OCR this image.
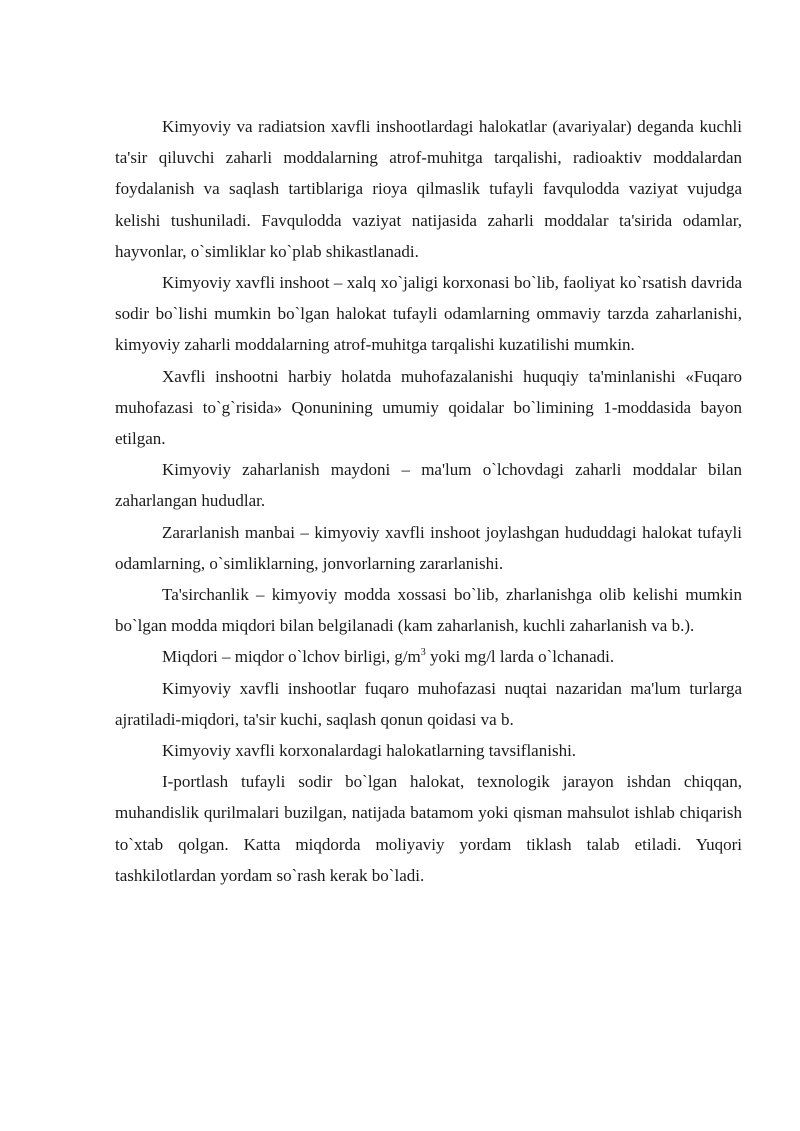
Kimyoviy va radiatsion xavfli inshootlardagi halokatlar (avariyalar) deganda kuchli ta'sir qiluvchi zaharli moddalarning atrof-muhitga tarqalishi, radioaktiv moddalardan foydalanish va saqlash tartiblariga rioya qilmaslik tufayli favqulodda vaziyat vujudga kelishi tushuniladi. Favqulodda vaziyat natijasida zaharli moddalar ta'sirida odamlar, hayvonlar, o`simliklar ko`plab shikastlanadi.

Kimyoviy xavfli inshoot – xalq xo`jaligi korxonasi bo`lib, faoliyat ko`rsatish davrida sodir bo`lishi mumkin bo`lgan halokat tufayli odamlarning ommaviy tarzda zaharlanishi, kimyoviy zaharli moddalarning atrof-muhitga tarqalishi kuzatilishi mumkin.

Xavfli inshootni harbiy holatda muhofazalanishi huquqiy ta'minlanishi «Fuqaro muhofazasi to`g`risida» Qonunining umumiy qoidalar bo`limining 1-moddasida bayon etilgan.

Kimyoviy zaharlanish maydoni – ma'lum o`lchovdagi zaharli moddalar bilan zaharlangan hududlar.

Zararlanish manbai – kimyoviy xavfli inshoot joylashgan hududdagi halokat tufayli odamlarning, o`simliklarning, jonvorlarning zararlanishi.

Ta'sirchanlik – kimyoviy modda xossasi bo`lib, zharlanishga olib kelishi mumkin bo`lgan modda miqdori bilan belgilanadi (kam zaharlanish, kuchli zaharlanish va b.).

Miqdori – miqdor o`lchov birligi, $g/m^3$ yoki mg/l larda o`lchanadi.

Kimyoviy xavfli inshootlar fuqaro muhofazasi nuqtai nazaridan ma'lum turlarga ajratiladi-miqdori, ta'sir kuchi, saqlash qonun qoidasi va b.

Kimyoviy xavfli korxonalardagi halokatlarning tavsiflanishi.

I-portlash tufayli sodir bo`lgan halokat, texnologik jarayon ishdan chiqqan, muhandislik qurilmalari buzilgan, natijada batamom yoki qisman mahsulot ishlab chiqarish to`xtab qolgan. Katta miqdorda moliyaviy yordam tiklash talab etiladi. Yuqori tashkilotlardan yordam so`rash kerak bo`ladi.
